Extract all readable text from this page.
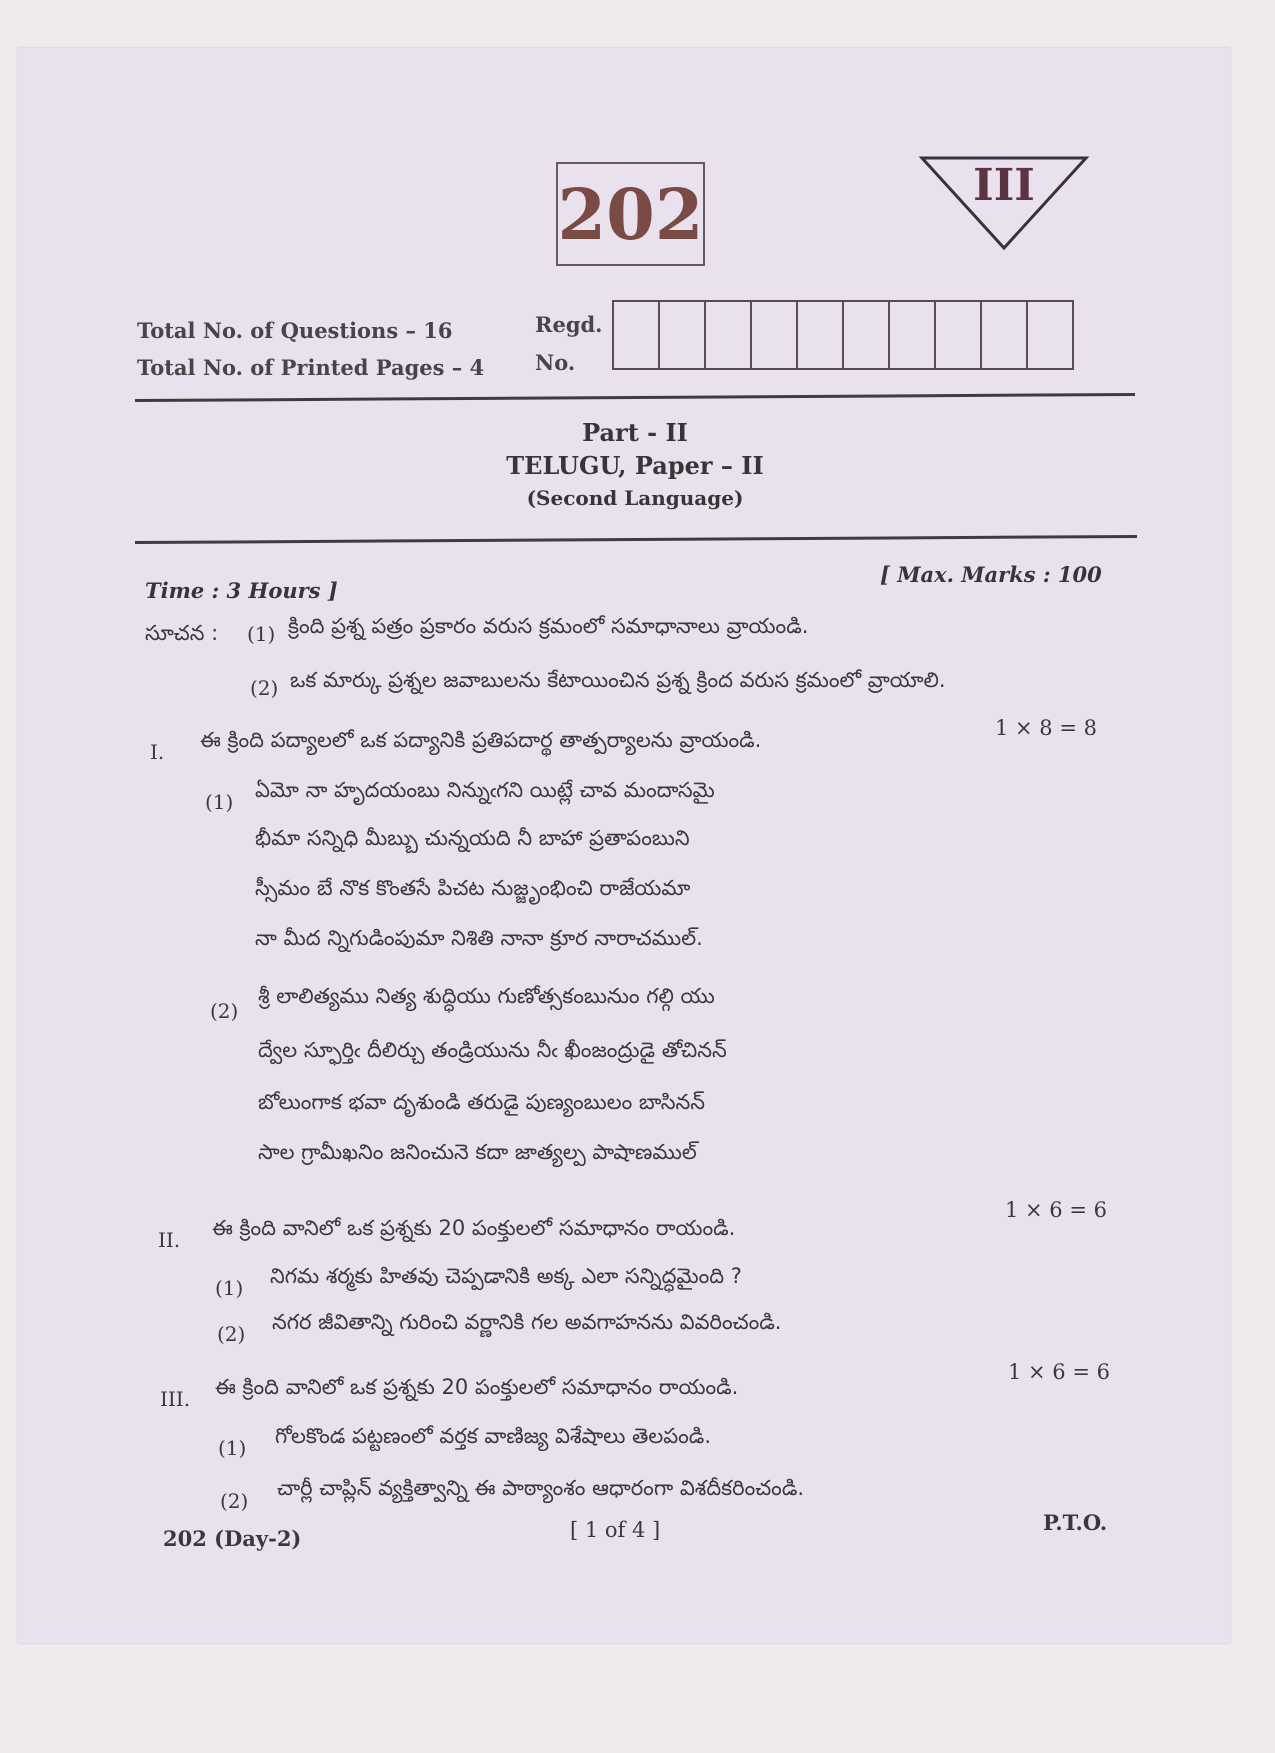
202	III
Total No. of Questions – 16
Total No. of Printed Pages – 4
Regd.
No.
Part - II
TELUGU, Paper – II
(Second Language)
Time : 3 Hours ]
[ Max. Marks : 100
సూచన : (1) క్రింది ప్రశ్న పత్రం ప్రకారం వరుస క్రమంలో సమాధానాలు వ్రాయండి.
(2) ఒక మార్కు ప్రశ్నల జవాబులను కేటాయించిన ప్రశ్న క్రింద వరుస క్రమంలో వ్రాయాలి.
I. ఈ క్రింది పద్యాలలో ఒక పద్యానికి ప్రతిపదార్థ తాత్పర్యాలను వ్రాయండి.	1 × 8 = 8
(1) ఏమో నా హృదయంబు నిన్నుఁగని యిట్లే చావ మందాసమై
భీమా సన్నిధి మీబ్బు చున్నయది నీ బాహా ప్రతాపంబుని
స్సీమం బే నొక కొంతసే పిచట నుజ్జృంభించి రాజేయమా
నా మీద న్నిగుడింపుమా నిశితి నానా క్రూర నారాచముల్.
(2)
శ్రీ లాలిత్యము నిత్య శుద్ధియు గుణోత్సకంబునుం గల్గి యు
ద్వేల స్ఫూర్తిఁ దీలిర్చు తండ్రియును నీఁ ఖీంజంద్రుడై తోచినన్
బోలుంగాక భవా దృశుండి తరుడై పుణ్యంబులం బాసినన్
సాల గ్రామీఖనిం జనించునె కదా జాత్యల్ప పాషాణముల్
II. ఈ క్రింది వానిలో ఒక ప్రశ్నకు 20 పంక్తులలో సమాధానం రాయండి.
1 × 6 = 6
(1) నిగమ శర్మకు హితవు చెప్పడానికి అక్క ఎలా సన్నిద్ధమైంది ?
(2) నగర జీవితాన్ని గురించి వర్ణానికి గల అవగాహనను వివరించండి.
III. ఈ క్రింది వానిలో ఒక ప్రశ్నకు 20 పంక్తులలో సమాధానం రాయండి.
1 × 6 = 6
(1) గోలకొండ పట్టణంలో వర్తక వాణిజ్య విశేషాలు తెలపండి.
(2)
చార్లీ చాప్లిన్ వ్యక్తిత్వాన్ని ఈ పాఠ్యాంశం ఆధారంగా విశదీకరించండి.
202 (Day-2)	[ 1 of 4 ]	P.T.O.
